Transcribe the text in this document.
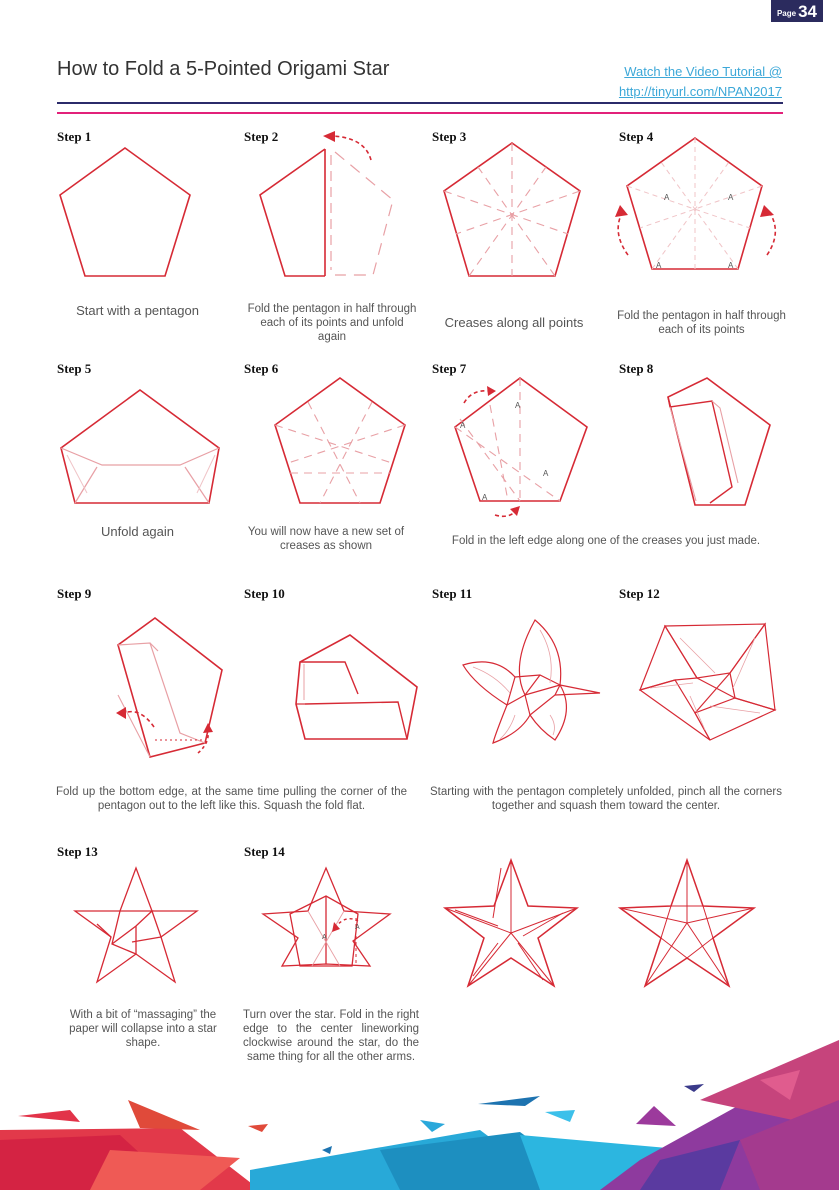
Page 34
How to Fold a 5-Pointed Origami Star	Watch the Video Tutorial @
http://tinyurl.com/NPAN2017
Step 1	Step 2	Step 3	Step 4
Step 5	Step 6	Step 7	Step 8
Step 9	Step 10	Step 11	Step 12
Step 13	Step 14
Start with a pentagon	Fold the pentagon in half through each of its points and unfold again
Creases along all points	Fold the pentagon in half through each of its points
Unfold again	You will now have a new set of creases as shown	Fold in the left edge along one of the creases you just made.
Fold up the bottom edge, at the same time pulling the corner of the pentagon out to the left like this. Squash the fold flat.
Starting with the pentagon completely unfolded, pinch all the corners together and squash them toward the center.
With a bit of “massaging” the paper will collapse into a star shape.
Turn over the star. Fold in the right edge to the center lineworking clockwise around the star, do the same thing for all the other arms.
A	A
A	A
A
A
A
A
A
A
